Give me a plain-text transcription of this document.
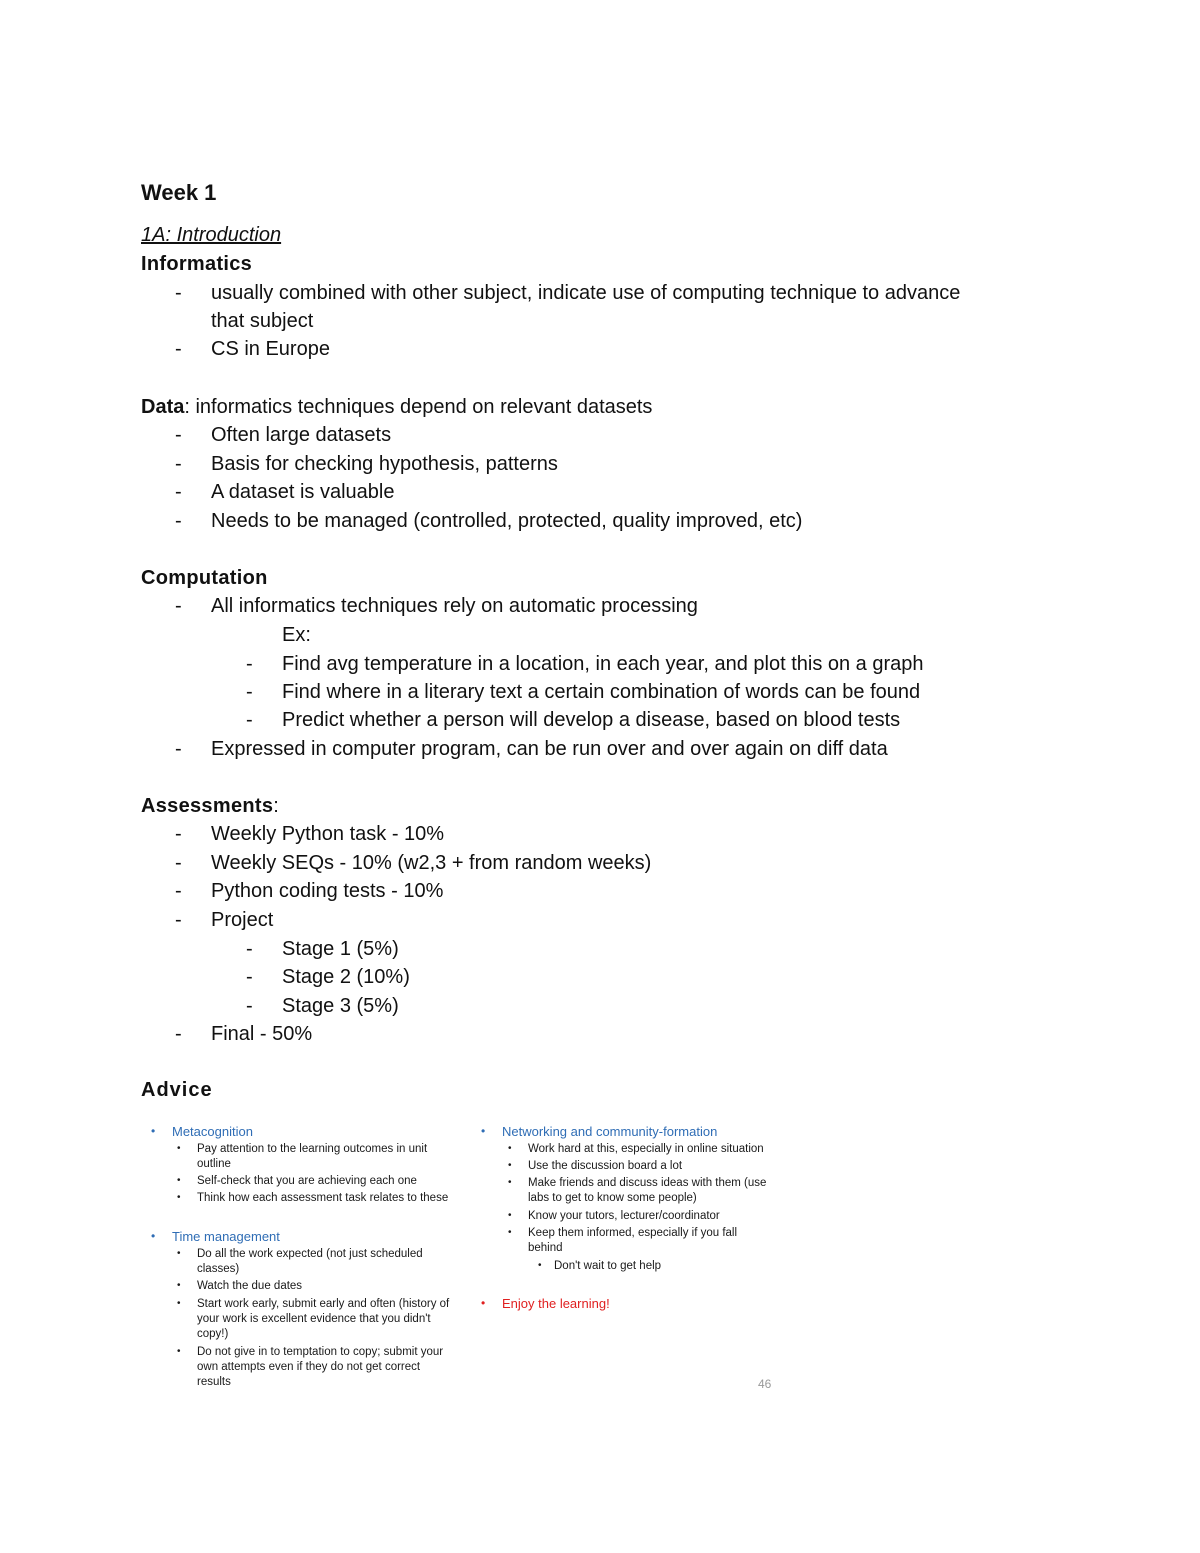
Week 1
1A: Introduction
Informatics
- usually combined with other subject, indicate use of computing technique to advance
that subject
- CS in Europe
Data: informatics techniques depend on relevant datasets
- Often large datasets
- Basis for checking hypothesis, patterns
- A dataset is valuable
- Needs to be managed (controlled, protected, quality improved, etc)
Computation
- All informatics techniques rely on automatic processing
Ex:
- Find avg temperature in a location, in each year, and plot this on a graph
- Find where in a literary text a certain combination of words can be found
- Predict whether a person will develop a disease, based on blood tests
- Expressed in computer program, can be run over and over again on diff data
Assessments:
- Weekly Python task - 10%
- Weekly SEQs - 10% (w2,3 + from random weeks)
- Python coding tests - 10%
- Project
- Stage 1 (5%)
- Stage 2 (10%)
- Stage 3 (5%)
- Final - 50%
Advice
• Metacognition
• Pay attention to the learning outcomes in unit
outline
• Self-check that you are achieving each one
• Think how each assessment task relates to these
• Time management
• Do all the work expected (not just scheduled
classes)
• Watch the due dates
• Start work early, submit early and often (history of
your work is excellent evidence that you didn't
copy!)
• Do not give in to temptation to copy; submit your
own attempts even if they do not get correct
results
• Networking and community-formation
• Work hard at this, especially in online situation
• Use the discussion board a lot
• Make friends and discuss ideas with them (use
labs to get to know some people)
• Know your tutors, lecturer/coordinator
• Keep them informed, especially if you fall
behind
• Don't wait to get help
• Enjoy the learning!
46
